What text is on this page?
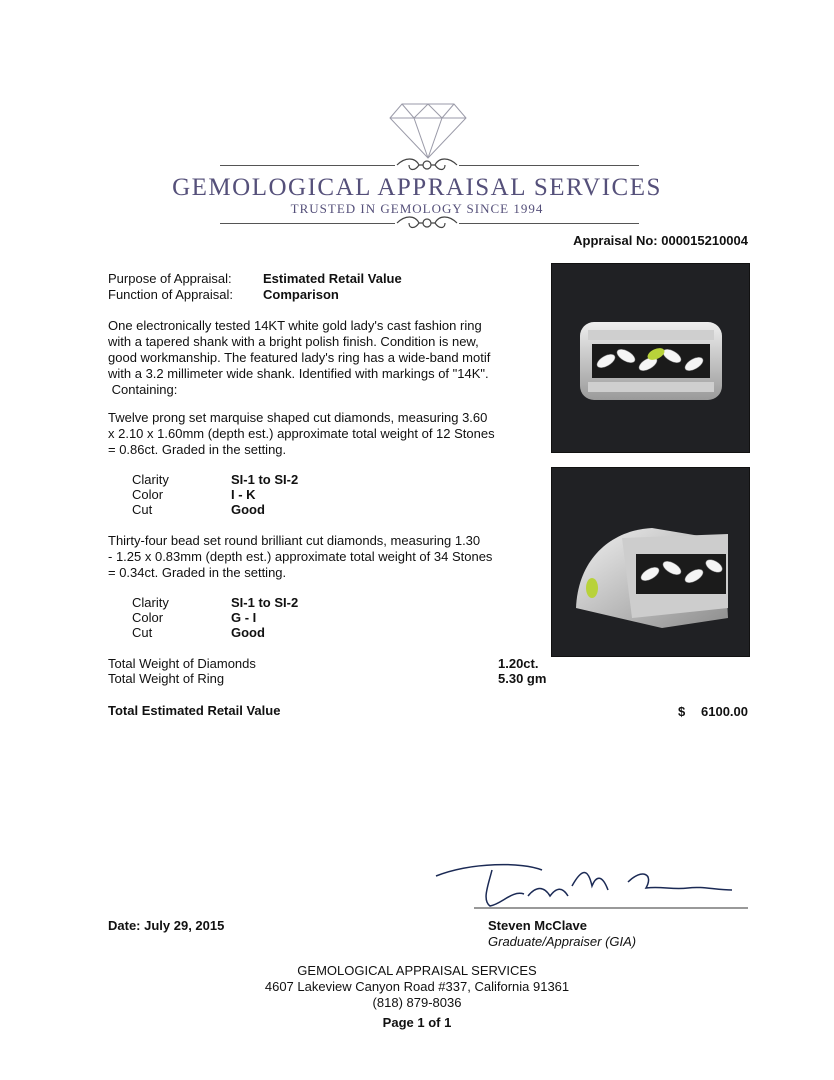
GEMOLOGICAL APPRAISAL SERVICES
TRUSTED IN GEMOLOGY SINCE 1994
Appraisal No: 000015210004
Purpose of Appraisal: Estimated Retail Value
Function of Appraisal: Comparison
One electronically tested 14KT white gold lady's cast fashion ring
with a tapered shank with a bright polish finish. Condition is new,
good workmanship. The featured lady's ring has a wide-band motif
with a 3.2 millimeter wide shank. Identified with markings of "14K".
Containing:
Twelve prong set marquise shaped cut diamonds, measuring 3.60
x 2.10 x 1.60mm (depth est.) approximate total weight of 12 Stones
= 0.86ct. Graded in the setting.
Clarity	SI-1 to SI-2
Color	I - K
Cut	Good
Thirty-four bead set round brilliant cut diamonds, measuring 1.30
- 1.25 x 0.83mm (depth est.) approximate total weight of 34 Stones
= 0.34ct. Graded in the setting.
Clarity	SI-1 to SI-2
Color	G - I
Cut	Good
Total Weight of Diamonds	1.20ct.
Total Weight of Ring	5.30 gm
Total Estimated Retail Value	$ 6100.00
Date: July 29, 2015	Steven McClave
Graduate/Appraiser (GIA)
GEMOLOGICAL APPRAISAL SERVICES
4607 Lakeview Canyon Road #337, California 91361
(818) 879-8036
Page 1 of 1
